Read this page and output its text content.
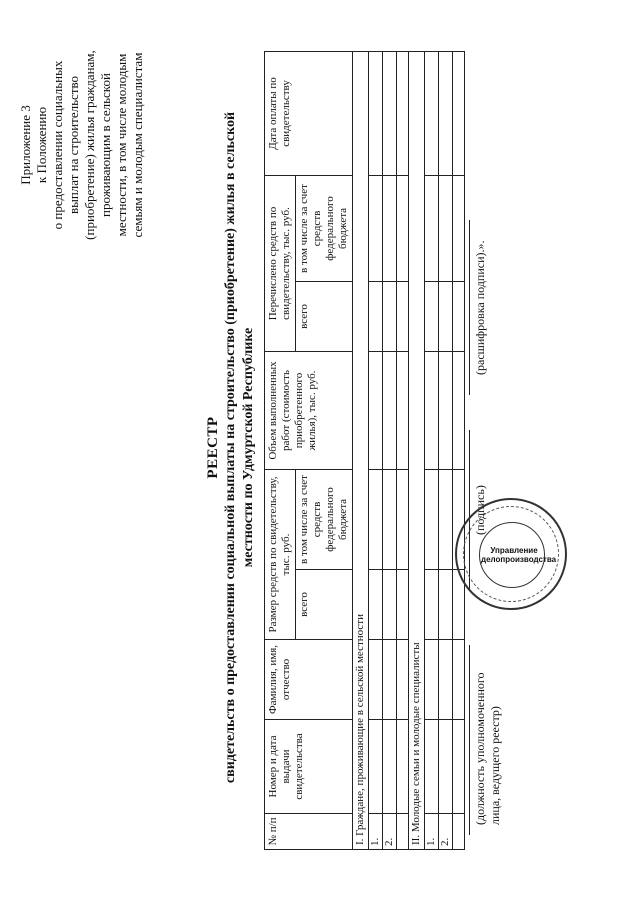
Приложение 3 к Положению о предоставлении социальных выплат на строительство (приобретение) жилья гражданам, проживающим в сельской местности, в том числе молодым семьям и молодым специалистам
РЕЕСТР свидетельств о предоставлении социальной выплаты на строительство (приобретение) жилья в сельской местности по Удмуртской Республике
№ п/п	Номер и дата выдачи свидетельства	Фамилия, имя, отчество	Размер средств по свидетельству, тыс. руб.		Объем выполненных работ (стоимость приобретенного жилья), тыс. руб.	Перечислено средств по свидетельству, тыс. руб.		Дата оплаты по свидетельству
			всего	в том числе за счет средств федерального бюджета		всего	в том числе за счет средств федерального бюджета	
I. Граждане, проживающие в сельской местности								
1.								
2.								

II. Молодые семьи и молодые специалисты								
1.								
2.								

(должность уполномоченного лица, ведущего реестр)
(подпись)
(расшифровка подписи).».
Управление делопроизводства
